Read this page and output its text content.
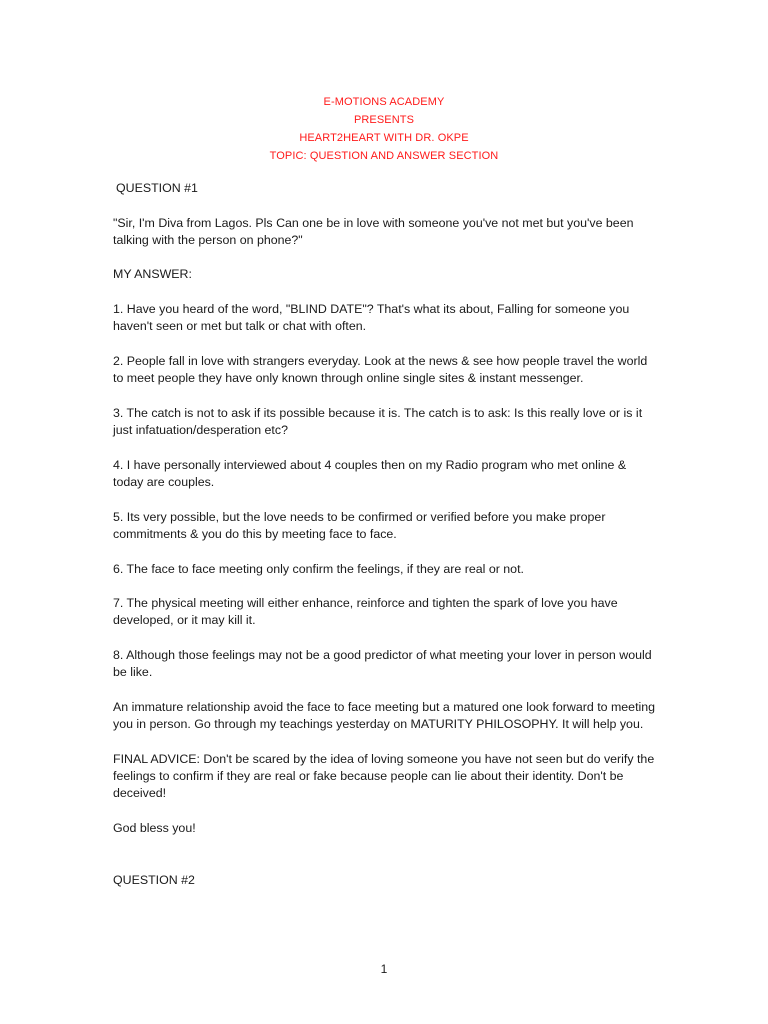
E-MOTIONS ACADEMY
PRESENTS
HEART2HEART WITH DR. OKPE
TOPIC: QUESTION AND ANSWER SECTION

QUESTION #1

"Sir, I'm Diva from Lagos. Pls Can one be in love with someone you've not met but you've been talking with the person on phone?"

MY ANSWER:

1. Have you heard of the word, "BLIND DATE"? That's what its about, Falling for someone you haven't seen or met but talk or chat with often.

2. People fall in love with strangers everyday. Look at the news & see how people travel the world to meet people they have only known through online single sites & instant messenger.

3. The catch is not to ask if its possible because it is. The catch is to ask: Is this really love or is it just infatuation/desperation etc?

4. I have personally interviewed about 4 couples then on my Radio program who met online & today are couples.

5. Its very possible, but the love needs to be confirmed or verified before you make proper commitments & you do this by meeting face to face.

6. The face to face meeting only confirm the feelings, if they are real or not.

7. The physical meeting will either enhance, reinforce and tighten the spark of love you have developed, or it may kill it.

8. Although those feelings may not be a good predictor of what meeting your lover in person would be like.

An immature relationship avoid the face to face meeting but a matured one look forward to meeting you in person. Go through my teachings yesterday on MATURITY PHILOSOPHY. It will help you.

FINAL ADVICE: Don't be scared by the idea of loving someone you have not seen but do verify the feelings to confirm if they are real or fake because people can lie about their identity. Don't be deceived!

God bless you!

QUESTION #2

1
